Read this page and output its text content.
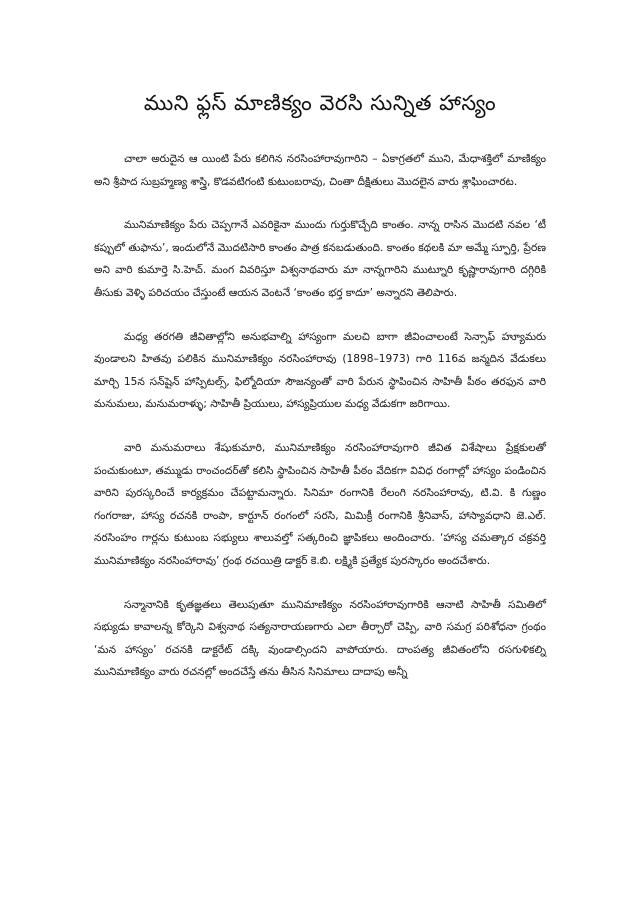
ముని ఫ్లస్ మాణిక్యం వెరసి సున్నిత హాస్యం

చాలా అరుదైన ఆ యింటి పేరు కలిగిన నరసింహారావుగారిని – ఏకాగ్రతలో ముని, మేధాశక్తిలో మాణిక్యం అని శ్రీపాద సుబ్రహ్మణ్య శాస్త్రి, కొడవటిగంటి కుటుంబరావు, చింతా దీక్షితులు మొదలైన వారు శ్లాఘించారట.

మునిమాణిక్యం పేరు చెప్పగానే ఎవరికైనా ముందు గుర్తుకొచ్చేది కాంతం. నాన్న రాసిన మొదటి నవల ‘టీ కప్పులో తుఫాను’, ఇందులోనే మొదటిసారి కాంతం పాత్ర కనబడుతుంది. కాంతం కథలకి మా అమ్మే స్ఫూర్తి, ప్రేరణ అని వారి కుమార్తె సి.హెచ్. మంగ వివరిస్తూ విశ్వనాథవారు మా నాన్నగారిని ముట్నూరి కృష్ణారావుగారి దగ్గిరికి తీసుకు వెళ్ళి పరిచయం చేస్తుంటే ఆయన వెంటనే ‘కాంతం భర్త కాదూ’ అన్నారని తెలిపారు.

మధ్య తరగతి జీవితాల్లోని అనుభవాల్ని హాస్యంగా మలచి బాగా జీవించాలంటే సెన్సాఫ్ హ్యూమరు వుండాలని హితవు పలికిన మునిమాణిక్యం నరసింహారావు (1898–1973) గారి 116వ జన్మదిన వేడుకలు మార్చి 15న సన్‌షైన్ హాస్పిటల్స్, ఫిల్మోదియా సౌజన్యంతో వారి పేరున స్థాపించిన సాహితీ పీఠం తరఫున వారి మనుమలు, మనుమరాళ్ళు; సాహితీ ప్రియులు, హాస్యప్రియుల మధ్య వేడుకగా జరిగాయి.

వారి మనుమరాలు శేషుకుమారి, మునిమాణిక్యం నరసింహారావుగారి జీవిత విశేషాలు ప్రేక్షకులతో పంచుకుంటూ, తమ్ముడు రాంచందర్‌తో కలిసి స్థాపించిన సాహితీ పీఠం వేదికగా వివిధ రంగాల్లో హాస్యం పండించిన వారిని పురస్కరించే కార్యక్రమం చేపట్టామన్నారు. సినిమా రంగానికి రేలంగి నరసింహారావు, టి.వి. కి గుణ్ణం గంగరాజు, హాస్య రచనకి రాంపా, కార్టూన్ రంగంలో సరసి, మిమిక్రీ రంగానికి శ్రీనివాస్, హాస్యావధాని జె.ఎల్. నరసింహం గార్లను కుటుంబ సభ్యులు శాలువల్తో సత్కరించి జ్ఞాపికలు అందించారు. ‘హాస్య చమత్కార చక్రవర్తి మునిమాణిక్యం నరసింహారావు’ గ్రంథ రచయిత్రి డాక్టర్ కె.బి. లక్ష్మికి ప్రత్యేక పురస్కారం అందచేశారు.

సన్మానానికి కృతజ్ఞతలు తెలుపుతూ మునిమాణిక్యం నరసింహారావుగారికి ఆనాటి సాహితీ సమితిలో సభ్యుడు కావాలన్న కోర్కెని విశ్వనాథ సత్యనారాయణగారు ఎలా తీర్చారో చెప్పి, వారి సమగ్ర పరిశోధనా గ్రంథం ‘మన హాస్యం’ రచనకి డాక్టరేట్ దక్కి వుండాల్సిందని వాపోయారు. దాంపత్య జీవితంలోని రసగుళికల్ని మునిమాణిక్యం వారు రచనల్లో అందచేస్తే తను తీసిన సినిమాలు దాదాపు అన్నీ
